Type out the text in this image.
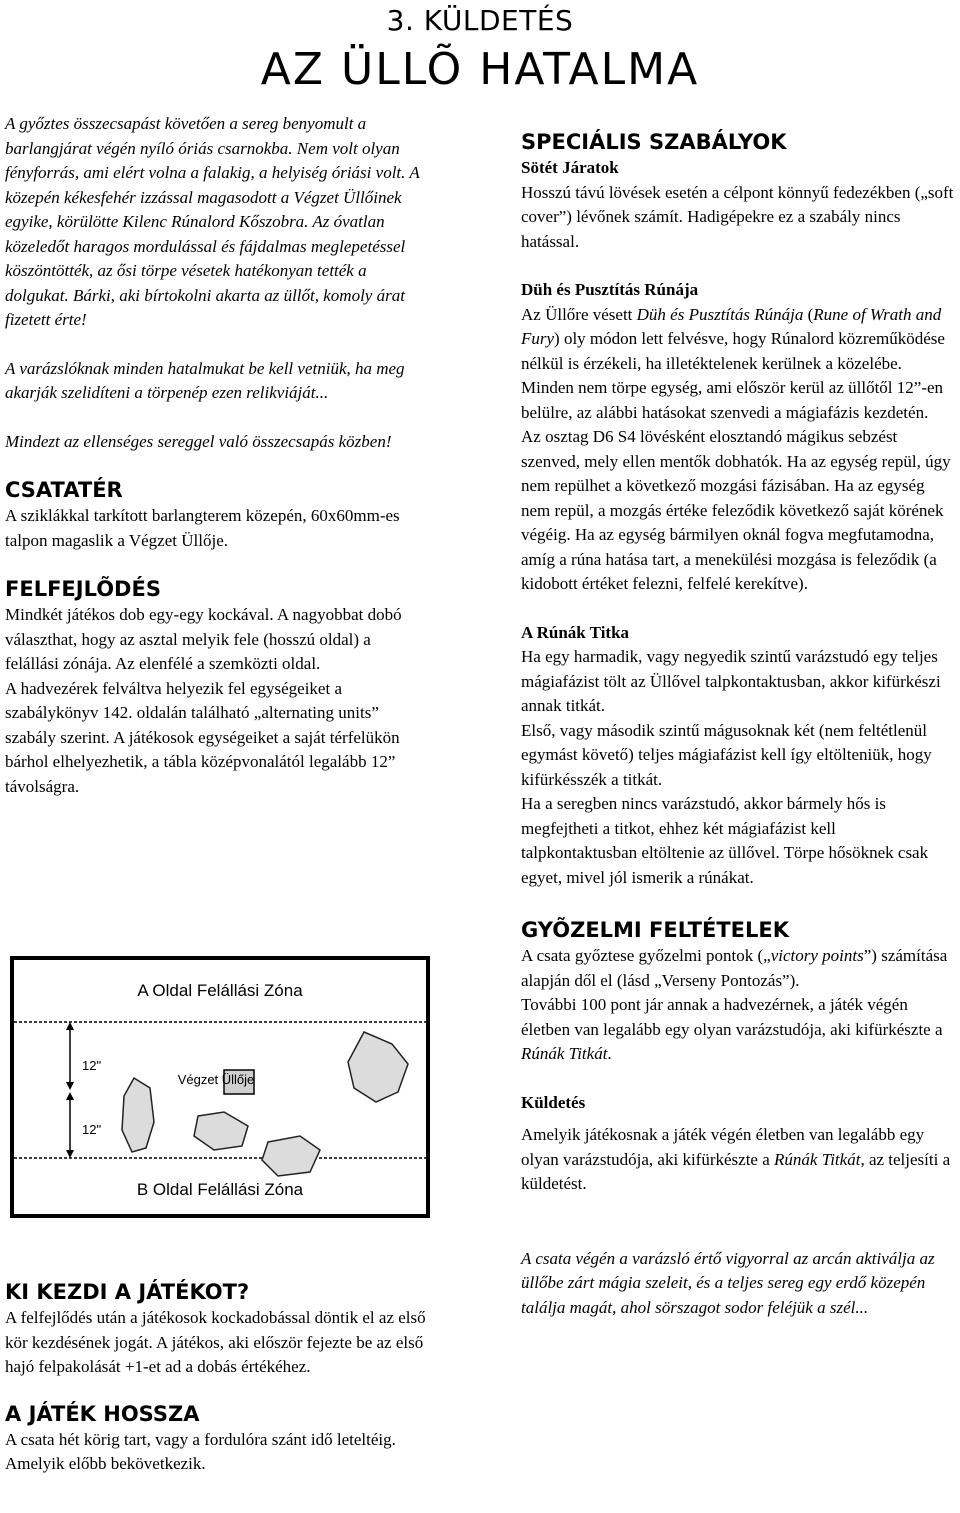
3. KÜLDETÉS
AZ ÜLLÕ HATALMA

A győztes összecsapást követően a sereg benyomult a barlangjárat végén nyíló óriás csarnokba. Nem volt olyan fényforrás, ami elért volna a falakig, a helyiség óriási volt. A közepén kékesfehér izzással magasodott a Végzet Üllőinek egyike, körülötte Kilenc Rúnalord Kőszobra. Az óvatlan közeledőt haragos mordulással és fájdalmas meglepetéssel köszöntötték, az ősi törpe vésetek hatékonyan tették a dolgukat. Bárki, aki bírtokolni akarta az üllőt, komoly árat fizetett érte!

A varázslóknak minden hatalmukat be kell vetniük, ha meg akarják szelidíteni a törpenép ezen relikviáját...

Mindezt az ellenséges sereggel való összecsapás közben!

CSATATÉR

A sziklákkal tarkított barlangterem közepén, 60x60mm-es talpon magaslik a Végzet Üllője.

FELFEJLÕDÉS

Mindkét játékos dob egy-egy kockával. A nagyobbat dobó választhat, hogy az asztal melyik fele (hosszú oldal) a felállási zónája. Az elenfélé a szemközti oldal.

A hadvezérek felváltva helyezik fel egységeiket a szabálykönyv 142. oldalán található „alternating units” szabály szerint. A játékosok egységeiket a saját térfelükön bárhol elhelyezhetik, a tábla középvonalától legalább 12” távolságra.

A Oldal Felállási Zóna
B Oldal Felállási Zóna
Végzet Üllője
12"
12"
KI KEZDI A JÁTÉKOT?

A felfejlődés után a játékosok kockadobással döntik el az első kör kezdésének jogát. A játékos, aki először fejezte be az első hajó felpakolását +1-et ad a dobás értékéhez.

A JÁTÉK HOSSZA

A csata hét körig tart, vagy a fordulóra szánt idő leteltéig. Amelyik előbb bekövetkezik.

SPECIÁLIS SZABÁLYOK

Sötét Járatok

Hosszú távú lövések esetén a célpont könnyű fedezékben („soft cover”) lévőnek számít. Hadigépekre ez a szabály nincs hatással.

Düh és Pusztítás Rúnája

Az Üllőre vésett Düh és Pusztítás Rúnája (Rune of Wrath and Fury) oly módon lett felvésve, hogy Rúnalord közreműködése nélkül is érzékeli, ha illetéktelenek kerülnek a közelébe. Minden nem törpe egység, ami először kerül az üllőtől 12”-en belülre, az alábbi hatásokat szenvedi a mágiafázis kezdetén.

Az osztag D6 S4 lövésként elosztandó mágikus sebzést szenved, mely ellen mentők dobhatók. Ha az egység repül, úgy nem repülhet a következő mozgási fázisában. Ha az egység nem repül, a mozgás értéke feleződik következő saját körének végéig. Ha az egység bármilyen oknál fogva megfutamodna, amíg a rúna hatása tart, a menekülési mozgása is feleződik (a kidobott értéket felezni, felfelé kerekítve).

A Rúnák Titka

Ha egy harmadik, vagy negyedik szintű varázstudó egy teljes mágiafázist tölt az Üllővel talpkontaktusban, akkor kifürkészi annak titkát.

Első, vagy második szintű mágusoknak két (nem feltétlenül egymást követő) teljes mágiafázist kell így eltölteniük, hogy kifürkésszék a titkát.

Ha a seregben nincs varázstudó, akkor bármely hős is megfejtheti a titkot, ehhez két mágiafázist kell talpkontaktusban eltöltenie az üllővel. Törpe hősöknek csak egyet, mivel jól ismerik a rúnákat.

GYÕZELMI FELTÉTELEK

A csata győztese győzelmi pontok („victory points”) számítása alapján dől el (lásd „Verseny Pontozás”).

További 100 pont jár annak a hadvezérnek, a játék végén életben van legalább egy olyan varázstudója, aki kifürkészte a Rúnák Titkát.

Küldetés

Amelyik játékosnak a játék végén életben van legalább egy olyan varázstudója, aki kifürkészte a Rúnák Titkát, az teljesíti a küldetést.

A csata végén a varázsló értő vigyorral az arcán aktiválja az üllőbe zárt mágia szeleit, és a teljes sereg egy erdő közepén találja magát, ahol sörszagot sodor feléjük a szél...
